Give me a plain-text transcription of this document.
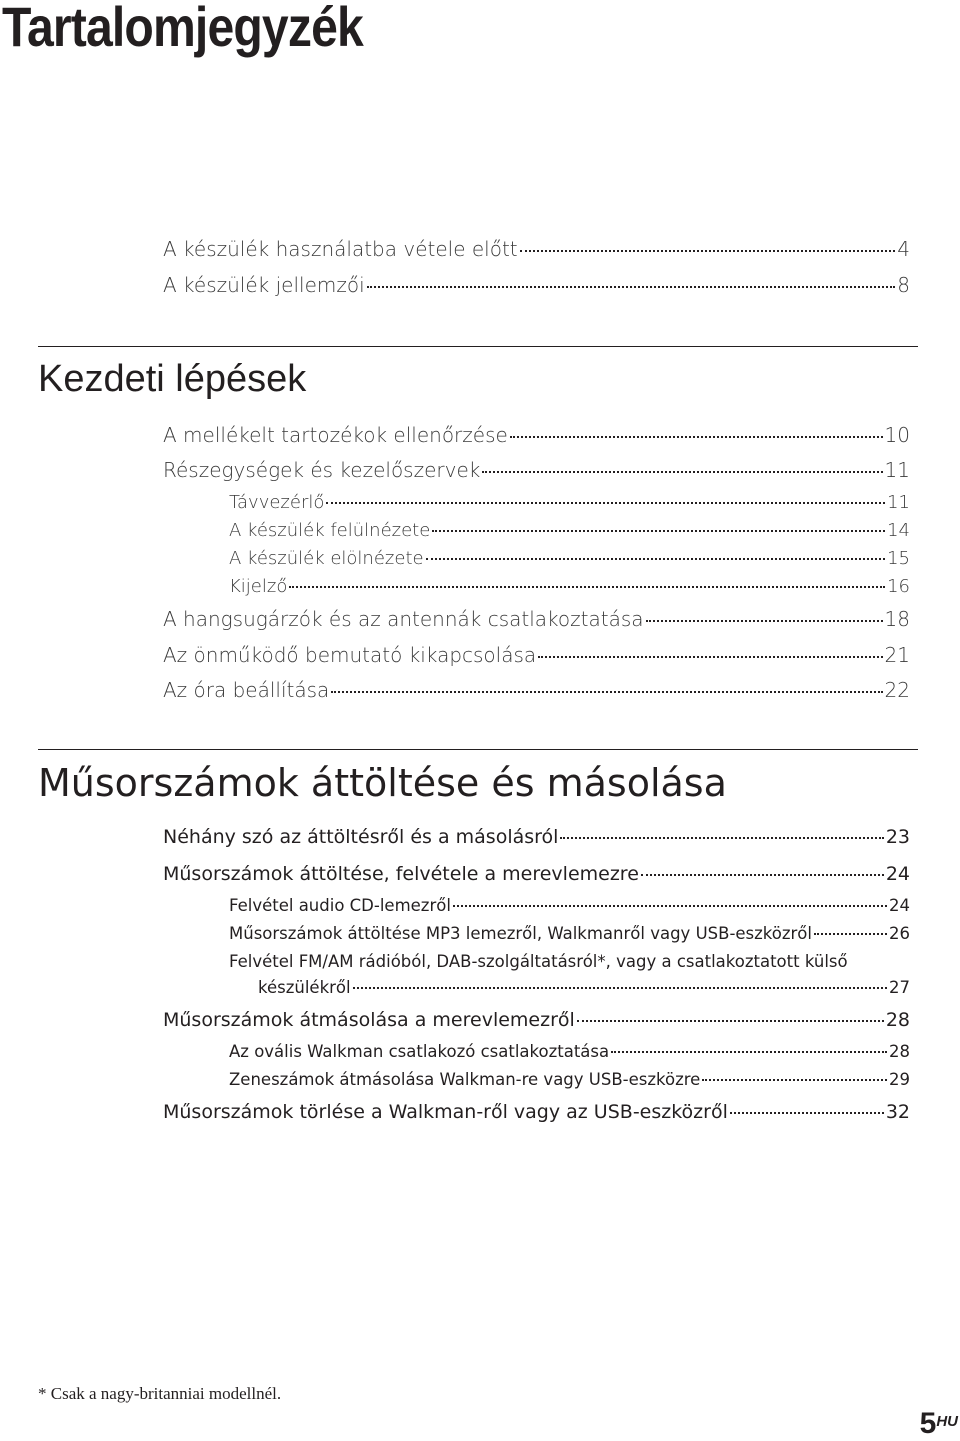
Tartalomjegyzék
A készülék használatba vétele előtt	4
A készülék jellemzői	8
Kezdeti lépések
A mellékelt tartozékok ellenőrzése	10
Részegységek és kezelőszervek	11
Távvezérlő	11
A készülék felülnézete	14
A készülék elölnézete	15
Kijelző	16
A hangsugárzók és az antennák csatlakoztatása	18
Az önműködő bemutató kikapcsolása	21
Az óra beállítása	22
Műsorszámok áttöltése és másolása
Néhány szó az áttöltésről és a másolásról	23
Műsorszámok áttöltése, felvétele a merevlemezre	24
Felvétel audio CD-lemezről	24
Műsorszámok áttöltése MP3 lemezről, Walkmanről vagy USB-eszközről	26
Felvétel FM/AM rádióból, DAB-szolgáltatásról*, vagy a csatlakoztatott külső
készülékről	27
Műsorszámok átmásolása a merevlemezről	28
Az ovális Walkman csatlakozó csatlakoztatása	28
Zeneszámok átmásolása Walkman-re vagy USB-eszközre	29
Műsorszámok törlése a Walkman-ről vagy az USB-eszközről	32
* Csak a nagy-britanniai modellnél.
$5^{HU}$
